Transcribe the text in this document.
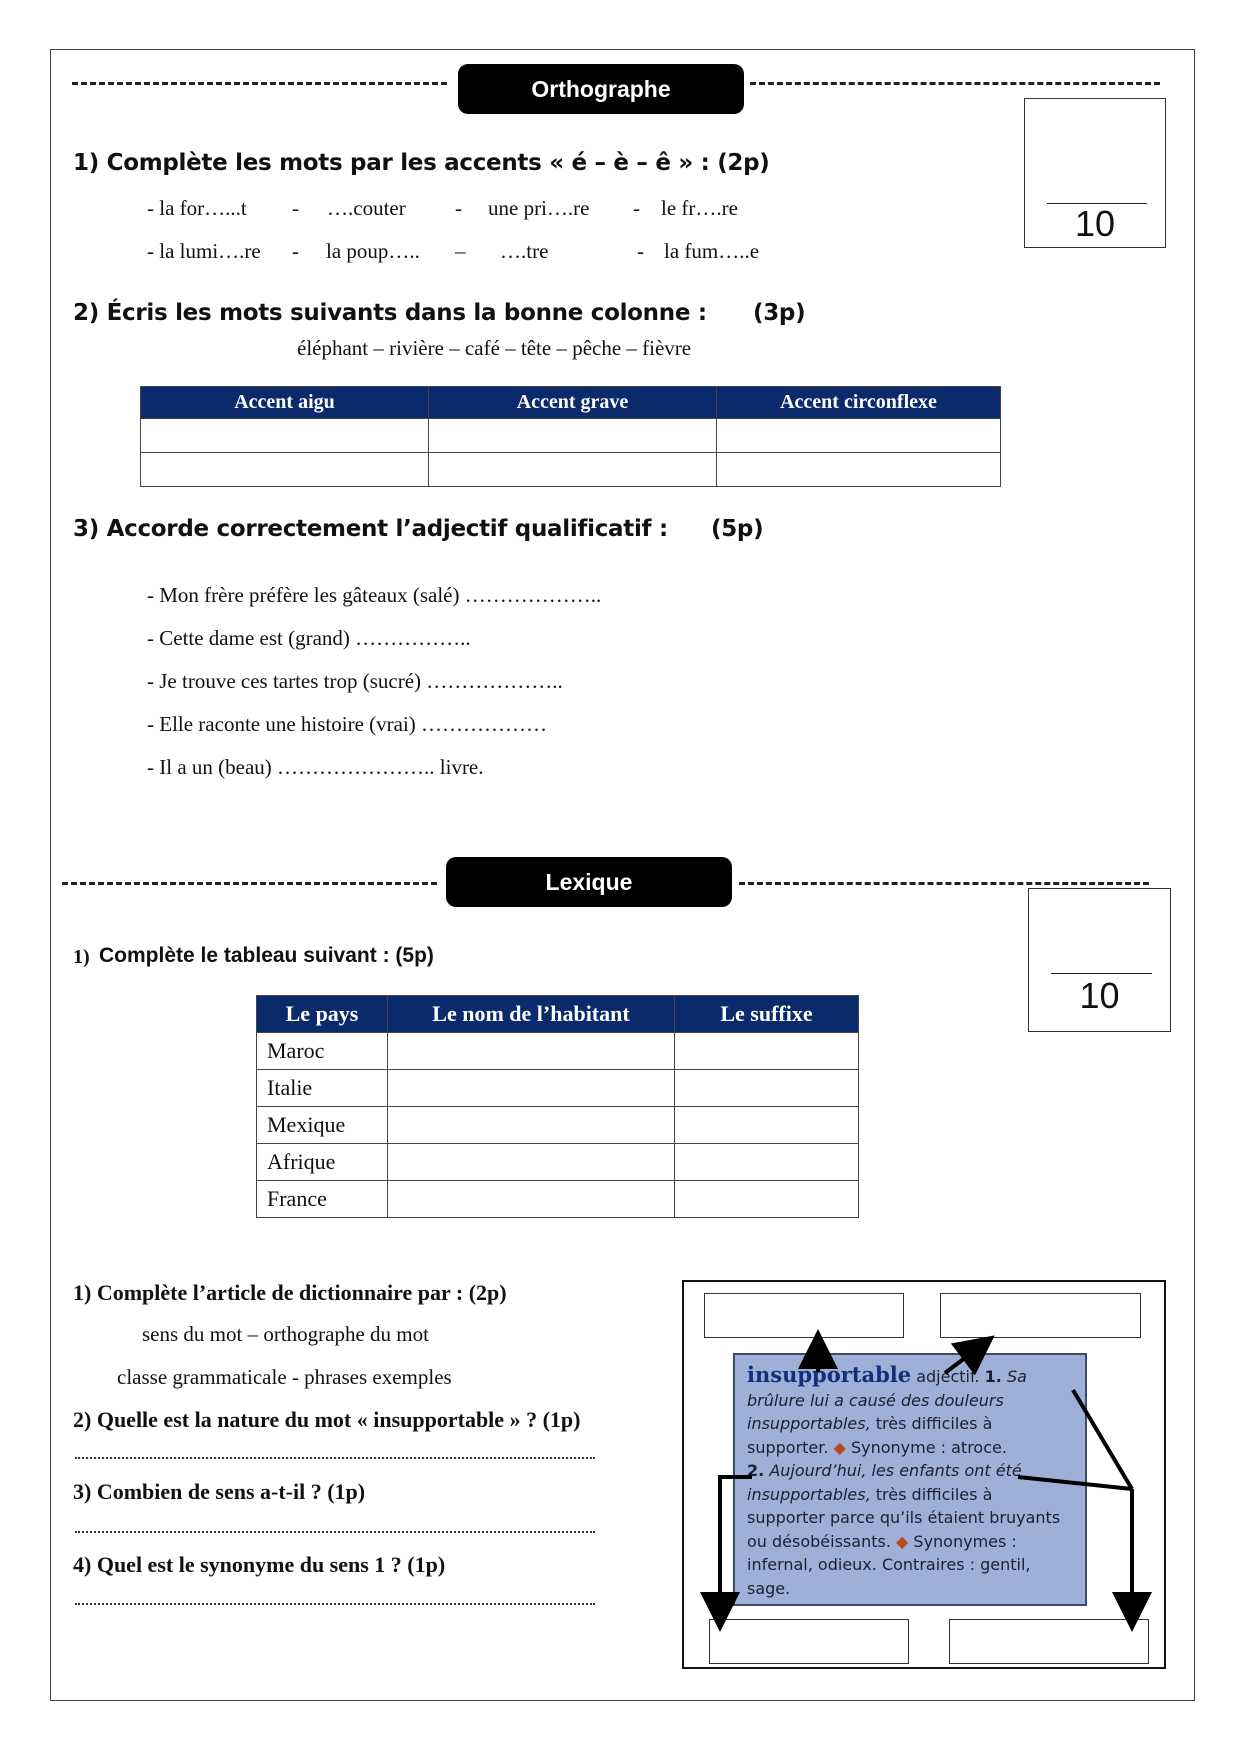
Orthographe
10
1) Complète les mots par les accents « é – è – ê » : (2p)
- la for…...t - ….couter - une pri….re - le fr….re
- la lumi….re - la poup….. – ….tre	- la fum…..e
2) Écris les mots suivants dans la bonne colonne : (3p)
éléphant – rivière – café – tête – pêche – fièvre
Accent aigu	Accent grave	Accent circonflexe

3) Accorde correctement l’adjectif qualificatif : (5p)
- Mon frère préfère les gâteaux (salé) ………………..
- Cette dame est (grand) ……………..
- Je trouve ces tartes trop (sucré) ………………..
- Elle raconte une histoire (vrai) ………………
- Il a un (beau) ………………….. livre.
Lexique
10
1) Complète le tableau suivant : (5p)
Le pays	Le nom de l’habitant	Le suffixe
Maroc		
Italie		
Mexique		
Afrique		
France		
1) Complète l’article de dictionnaire par : (2p)
sens du mot – orthographe du mot
classe grammaticale - phrases exemples
2) Quelle est la nature du mot « insupportable » ? (1p)
3) Combien de sens a-t-il ? (1p)
4) Quel est le synonyme du sens 1 ? (1p)
insupportable adjectif. 1. Sa brûlure lui a causé des douleurs insupportables, très difficiles à supporter. ◆ Synonyme : atroce.
2. Aujourd’hui, les enfants ont été insupportables, très difficiles à supporter parce qu’ils étaient bruyants ou désobéissants. ◆ Synonymes : infernal, odieux. Contraires : gentil, sage.
